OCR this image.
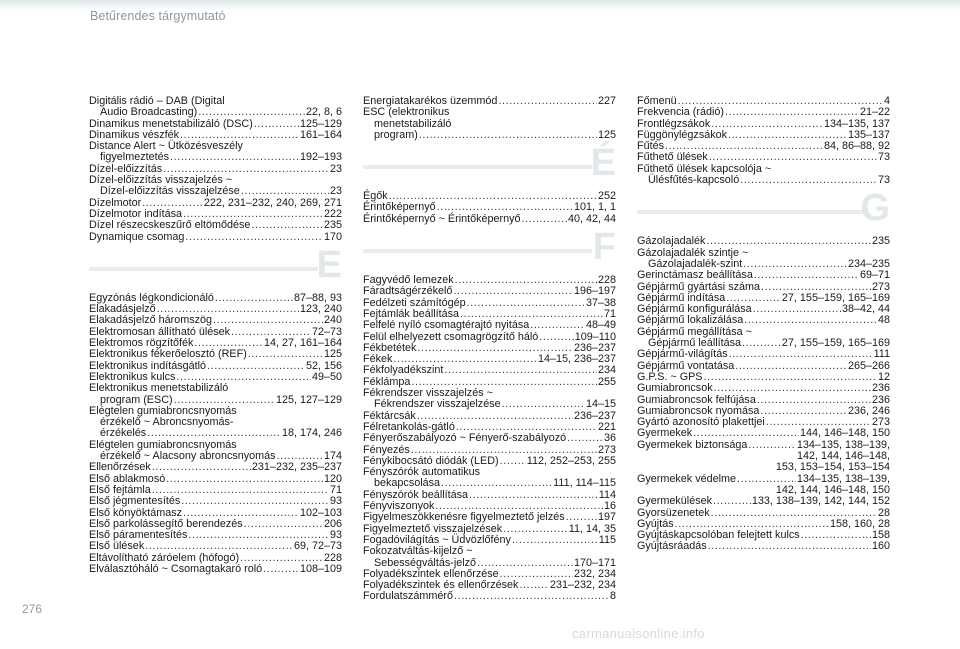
Betűrendes tárgymutató
Digitális rádió – DAB (Digital
Audio Broadcasting) .....	22, 8, 6
Dinamikus menetstabilizáló (DSC) .....	125–129
Dinamikus vészfék .....	161–164
Distance Alert ~ Ütközésveszély
figyelmeztetés .....	192–193
Dízel-előizzítás .....	23
Dízel-előizzítás visszajelzés ~
Dízel-előizzítás visszajelzése .....	23
Dízelmotor .....	222, 231–232, 240, 269, 271
Dízelmotor indítása .....	222
Dízel részecskeszűrő eltömődése .....	235
Dynamique csomag .....	170
E
Egyzónás légkondicionáló .....	87–88, 93
Elakadásjelző .....	123, 240
Elakadásjelző háromszög .....	240
Elektromosan állítható ülések .....	72–73
Elektromos rögzítőfék .....	14, 27, 161–164
Elektronikus fékerőelosztó (REF) .....	125
Elektronikus indításgátló .....	52, 156
Elektronikus kulcs .....	49–50
Elektronikus menetstabilizáló
program (ESC) .....	125, 127–129
Elégtelen gumiabroncsnyomás
érzékelő ~ Abroncsnyomás-
érzékelés .....	18, 174, 246
Elégtelen gumiabroncsnyomás
érzékelő ~ Alacsony abroncsnyomás .....	174
Ellenőrzések .....	231–232, 235–237
Első ablakmosó .....	120
Első fejtámla .....	71
Első jégmentesítés .....	93
Első könyöktámasz .....	102–103
Első parkolássegítő berendezés .....	206
Első páramentesítés .....	93
Első ülések .....	69, 72–73
Eltávolítható záróelem (hófogó) .....	228
Elválasztóháló ~ Csomagtakaró roló .....	108–109
Energiatakarékos üzemmód .....	227
ESC (elektronikus
menetstabilizáló
program) .....	125
É
Égők .....	252
Érintőképernyő .....	101, 1, 1
Érintőképernyő ~ Érintőképernyő .....	40, 42, 44
F
Fagyvédő lemezek .....	228
Fáradtságérzékelő .....	196–197
Fedélzeti számítógép .....	37–38
Fejtámlák beállítása .....	71
Felfelé nyíló csomagtérajtó nyitása .....	48–49
Felül elhelyezett csomagrögzítő háló .....	109–110
Fékbetétek .....	236–237
Fékek .....	14–15, 236–237
Fékfolyadékszint .....	234
Féklámpa .....	255
Fékrendszer visszajelzés ~
Fékrendszer visszajelzése .....	14–15
Féktárcsák .....	236–237
Félretankolás-gátló .....	221
Fényerőszabályozó ~ Fényerő-szabályozó .....	36
Fényezés .....	273
Fénykibocsátó diódák (LED) .....	112, 252–253, 255
Fényszórók automatikus
bekapcsolása .....	111, 114–115
Fényszórók beállítása .....	114
Fényviszonyok .....	16
Figyelmeszökkenésre figyelmeztető jelzés .....	197
Figyelmeztető visszajelzések .....	11, 14, 35
Fogadóvilágítás ~ Üdvözlőfény .....	115
Fokozatváltás-kijelző ~
Sebességváltás-jelző .....	170–171
Folyadékszintek ellenőrzése .....	232, 234
Folyadékszintek és ellenőrzések .....	231–232, 234
Fordulatszámmérő .....	8
Főmenü .....	4
Frekvencia (rádió) .....	21–22
Frontlégzsákok .....	134–135, 137
Függönylégzsákok .....	135–137
Fűtés .....	84, 86–88, 92
Fűthető ülések .....	73
Fűthető ülések kapcsolója ~
Ülésfűtés-kapcsoló .....	73
G
Gázolajadalék .....	235
Gázolajadalék szintje ~
Gázolajadalék-szint .....	234–235
Gerinctámasz beállítása .....	69–71
Gépjármű gyártási száma .....	273
Gépjármű indítása .....	27, 155–159, 165–169
Gépjármű konfigurálása .....	38–42, 44
Gépjármű lokalizálása .....	48
Gépjármű megállítása ~
Gépjármű leállítása .....	27, 155–159, 165–169
Gépjármű-világítás .....	111
Gépjármű vontatása .....	265–266
G.P.S. ~ GPS .....	12
Gumiabroncsok .....	236
Gumiabroncsok felfújása .....	236
Gumiabroncsok nyomása .....	236, 246
Gyártó azonosító plakettjei .....	273
Gyermekek .....	144, 146–148, 150
Gyermekek biztonsága .....	134–135, 138–139,
142, 144, 146–148,
153, 153–154, 153–154
Gyermekek védelme .....	134–135, 138–139,
142, 144, 146–148, 150
Gyermekülések .....	133, 138–139, 142, 144, 152
Gyorsüzenetek .....	28
Gyújtás .....	158, 160, 28
Gyújtáskapcsolóban felejtett kulcs .....	158
Gyújtásráadás .....	160
276
carmanualsonline.info
